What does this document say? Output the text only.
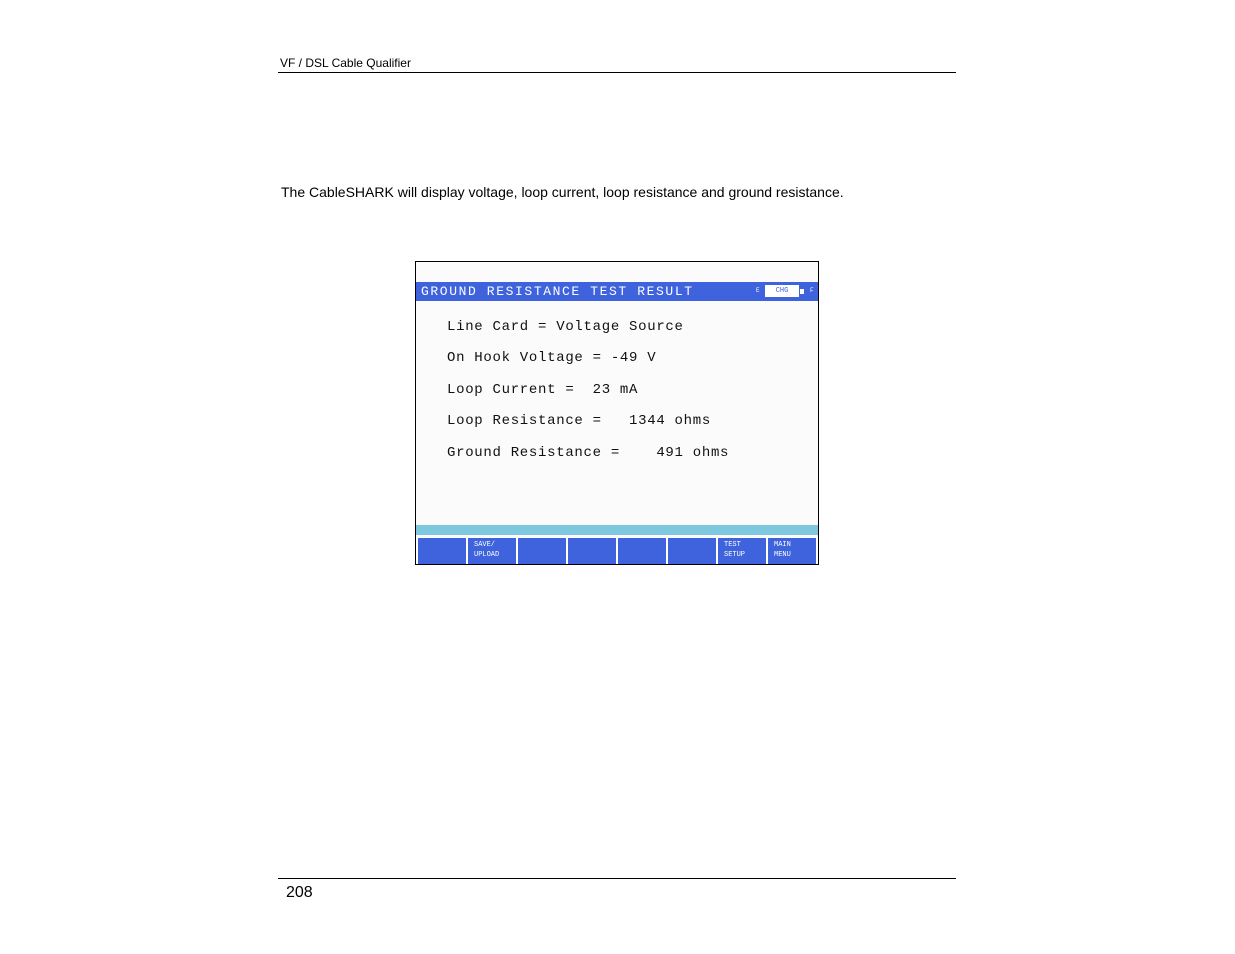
VF / DSL Cable Qualifier
The CableSHARK will display voltage, loop current, loop resistance and ground resistance.
GROUND RESISTANCE TEST RESULT	E	CHG	F
Line Card = Voltage Source
On Hook Voltage = -49 V
Loop Current =  23 mA
Loop Resistance =   1344 ohms
Ground Resistance =    491 ohms
SAVE/
UPLOAD
TEST
SETUP
MAIN
MENU
208
